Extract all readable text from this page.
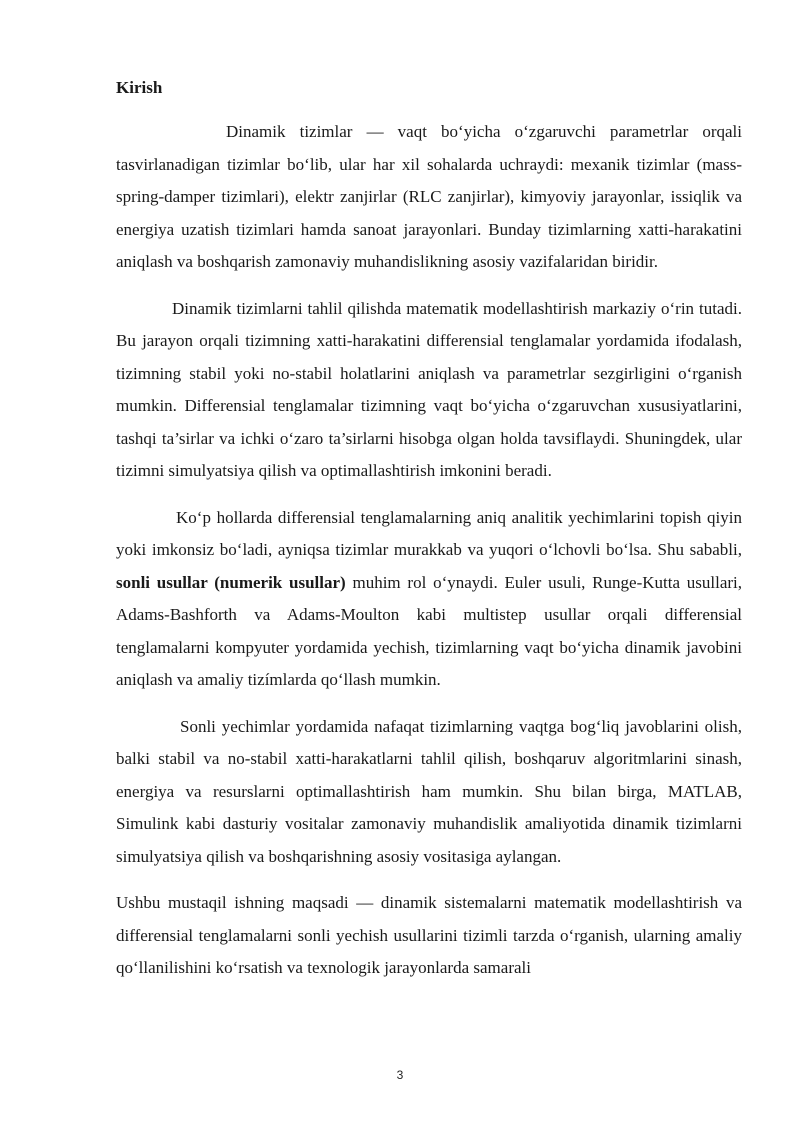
Kirish

Dinamik tizimlar — vaqt bo‘yicha o‘zgaruvchi parametrlar orqali tasvirlanadigan tizimlar bo‘lib, ular har xil sohalarda uchraydi: mexanik tizimlar (mass-spring-damper tizimlari), elektr zanjirlar (RLC zanjirlar), kimyoviy jarayonlar, issiqlik va energiya uzatish tizimlari hamda sanoat jarayonlari. Bunday tizimlarning xatti-harakatini aniqlash va boshqarish zamonaviy muhandislikning asosiy vazifalaridan biridir.

Dinamik tizimlarni tahlil qilishda matematik modellashtirish markaziy o‘rin tutadi. Bu jarayon orqali tizimning xatti-harakatini differensial tenglamalar yordamida ifodalash, tizimning stabil yoki no-stabil holatlarini aniqlash va parametrlar sezgirligini o‘rganish mumkin. Differensial tenglamalar tizimning vaqt bo‘yicha o‘zgaruvchan xususiyatlarini, tashqi ta’sirlar va ichki o‘zaro ta’sirlarni hisobga olgan holda tavsiflaydi. Shuningdek, ular tizimni simulyatsiya qilish va optimallashtirish imkonini beradi.

Ko‘p hollarda differensial tenglamalarning aniq analitik yechimlarini topish qiyin yoki imkonsiz bo‘ladi, ayniqsa tizimlar murakkab va yuqori o‘lchovli bo‘lsa. Shu sababli, sonli usullar (numerik usullar) muhim rol o‘ynaydi. Euler usuli, Runge-Kutta usullari, Adams-Bashforth va Adams-Moulton kabi multistep usullar orqali differensial tenglamalarni kompyuter yordamida yechish, tizimlarning vaqt bo‘yicha dinamik javobini aniqlash va amaliy tizímlarda qo‘llash mumkin.

Sonli yechimlar yordamida nafaqat tizimlarning vaqtga bog‘liq javoblarini olish, balki stabil va no-stabil xatti-harakatlarni tahlil qilish, boshqaruv algoritmlarini sinash, energiya va resurslarni optimallashtirish ham mumkin. Shu bilan birga, MATLAB, Simulink kabi dasturiy vositalar zamonaviy muhandislik amaliyotida dinamik tizimlarni simulyatsiya qilish va boshqarishning asosiy vositasiga aylangan.

Ushbu mustaqil ishning maqsadi — dinamik sistemalarni matematik modellashtirish va differensial tenglamalarni sonli yechish usullarini tizimli tarzda o‘rganish, ularning amaliy qo‘llanilishini ko‘rsatish va texnologik jarayonlarda samarali

3
